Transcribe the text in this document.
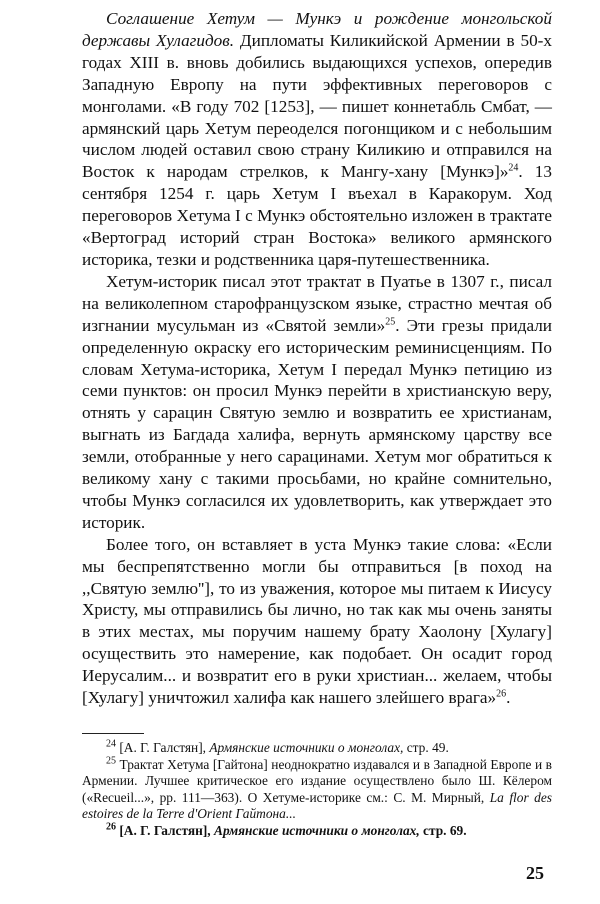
Соглашение Хетум — Мункэ и рождение монгольской державы Хулагидов. Дипломаты Киликийской Армении в 50-х годах XIII в. вновь добились выдающихся успехов, опередив Западную Европу на пути эффективных переговоров с монголами. «В году 702 [1253], — пишет коннетабль Смбат, — армянский царь Хетум переоделся погонщиком и с небольшим числом людей оставил свою страну Киликию и отправился на Восток к народам стрелков, к Мангу-хану [Мункэ]»$^{24}$. 13 сентября 1254 г. царь Хетум I въехал в Каракорум. Ход переговоров Хетума I с Мункэ обстоятельно изложен в трактате «Вертоград историй стран Востока» великого армянского историка, тезки и родственника царя-путешественника.

Хетум-историк писал этот трактат в Пуатье в 1307 г., писал на великолепном старофранцузском языке, страстно мечтая об изгнании мусульман из «Святой земли»$^{25}$. Эти грезы придали определенную окраску его историческим реминисценциям. По словам Хетума-историка, Хетум I передал Мункэ петицию из семи пунктов: он просил Мункэ перейти в христианскую веру, отнять у сарацин Святую землю и возвратить ее христианам, выгнать из Багдада халифа, вернуть армянскому царству все земли, отобранные у него сарацинами. Хетум мог обратиться к великому хану с такими просьбами, но крайне сомнительно, чтобы Мункэ согласился их удовлетворить, как утверждает это историк.

Более того, он вставляет в уста Мункэ такие слова: «Если мы беспрепятственно могли бы отправиться [в поход на ,,Святую землю''], то из уважения, которое мы питаем к Иисусу Христу, мы отправились бы лично, но так как мы очень заняты в этих местах, мы поручим нашему брату Хаолону [Хулагу] осуществить это намерение, как подобает. Он осадит город Иерусалим... и возвратит его в руки христиан... желаем, чтобы [Хулагу] уничтожил халифа как нашего злейшего врага»$^{26}$.

$^{24}$ [А. Г. Галстян], Армянские источники о монголах, стр. 49.

$^{25}$ Трактат Хетума [Гайтона] неоднократно издавался и в Западной Европе и в Армении. Лучшее критическое его издание осуществлено было Ш. Кёлером («Recueil...», pp. 111—363). О Хетуме-историке см.: С. М. Мирный, La flor des estoires de la Terre d'Orient Гайтона...

$^{26}$ [А. Г. Галстян], Армянские источники о монголах, стр. 69.

25
